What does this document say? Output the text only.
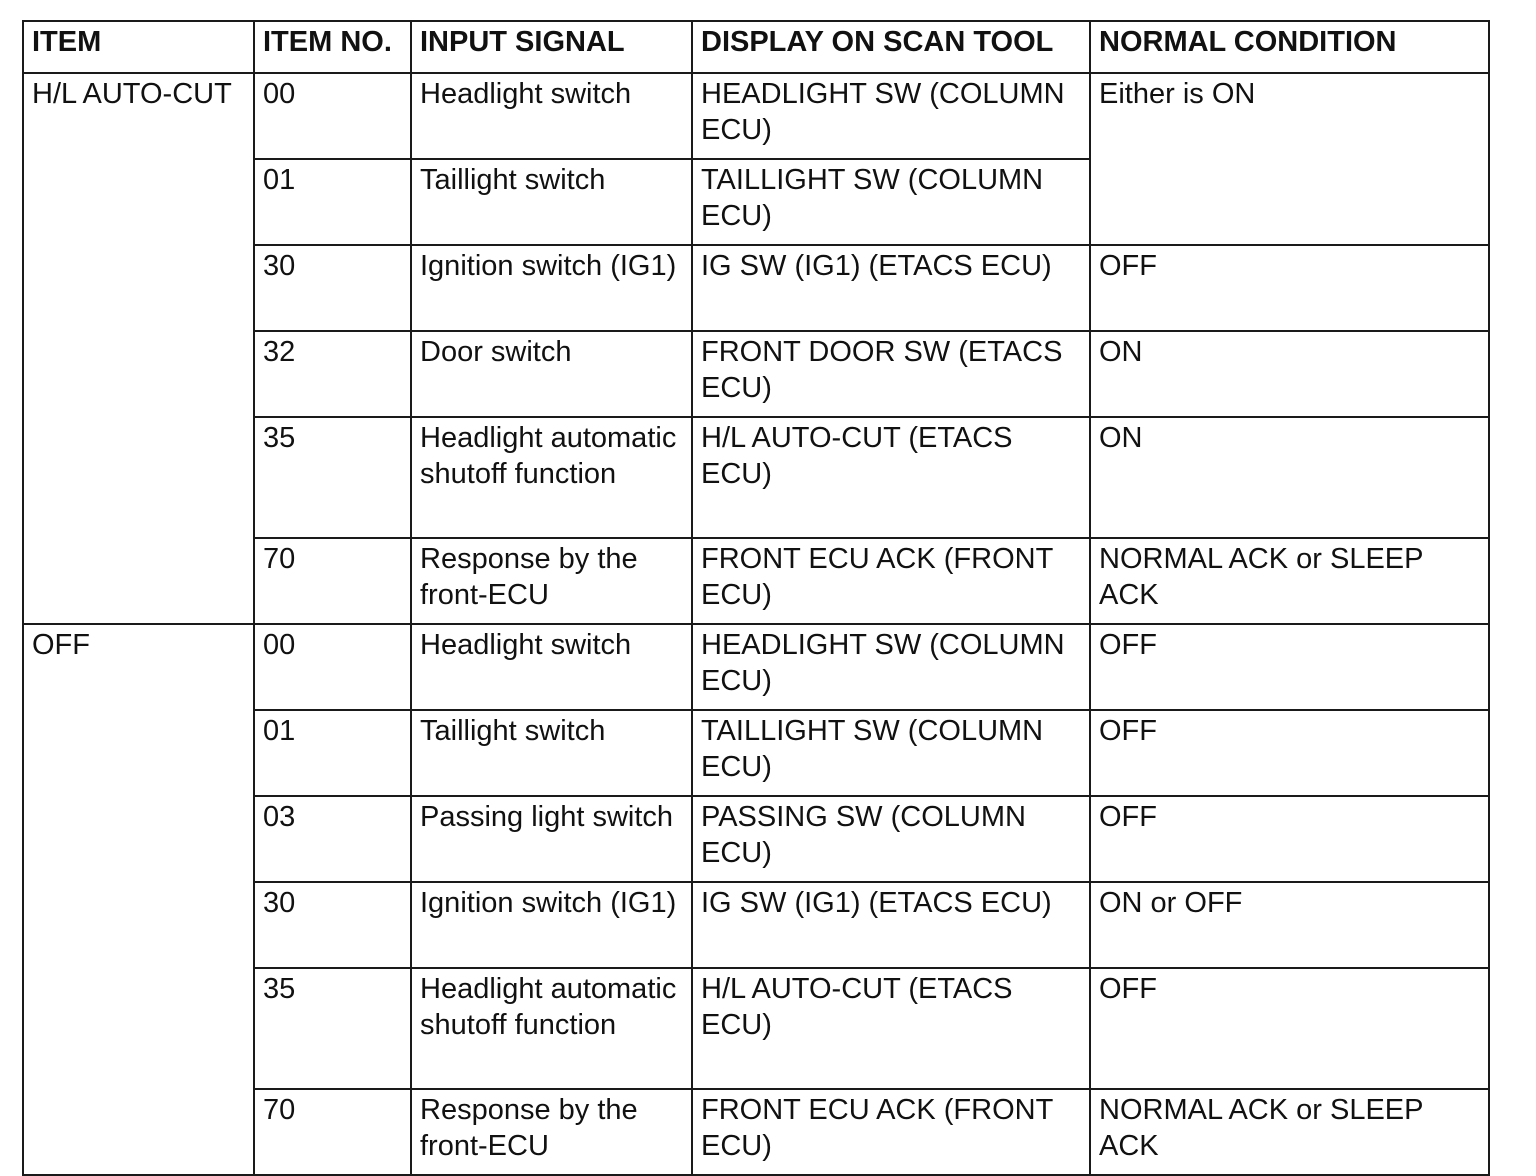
ITEM	ITEM NO.	INPUT SIGNAL	DISPLAY ON SCAN TOOL	NORMAL CONDITION
H/L AUTO-CUT	00	Headlight switch	HEADLIGHT SW (COLUMN ECU)	Either is ON
	01	Taillight switch	TAILLIGHT SW (COLUMN ECU)	
	30	Ignition switch (IG1)	IG SW (IG1) (ETACS ECU)	OFF
	32	Door switch	FRONT DOOR SW (ETACS ECU)	ON
	35	Headlight automatic shutoff function	H/L AUTO-CUT (ETACS ECU)	ON
	70	Response by the front-ECU	FRONT ECU ACK (FRONT ECU)	NORMAL ACK or SLEEP ACK
OFF	00	Headlight switch	HEADLIGHT SW (COLUMN ECU)	OFF
	01	Taillight switch	TAILLIGHT SW (COLUMN ECU)	OFF
	03	Passing light switch	PASSING SW (COLUMN ECU)	OFF
	30	Ignition switch (IG1)	IG SW (IG1) (ETACS ECU)	ON or OFF
	35	Headlight automatic shutoff function	H/L AUTO-CUT (ETACS ECU)	OFF
	70	Response by the front-ECU	FRONT ECU ACK (FRONT ECU)	NORMAL ACK or SLEEP ACK
